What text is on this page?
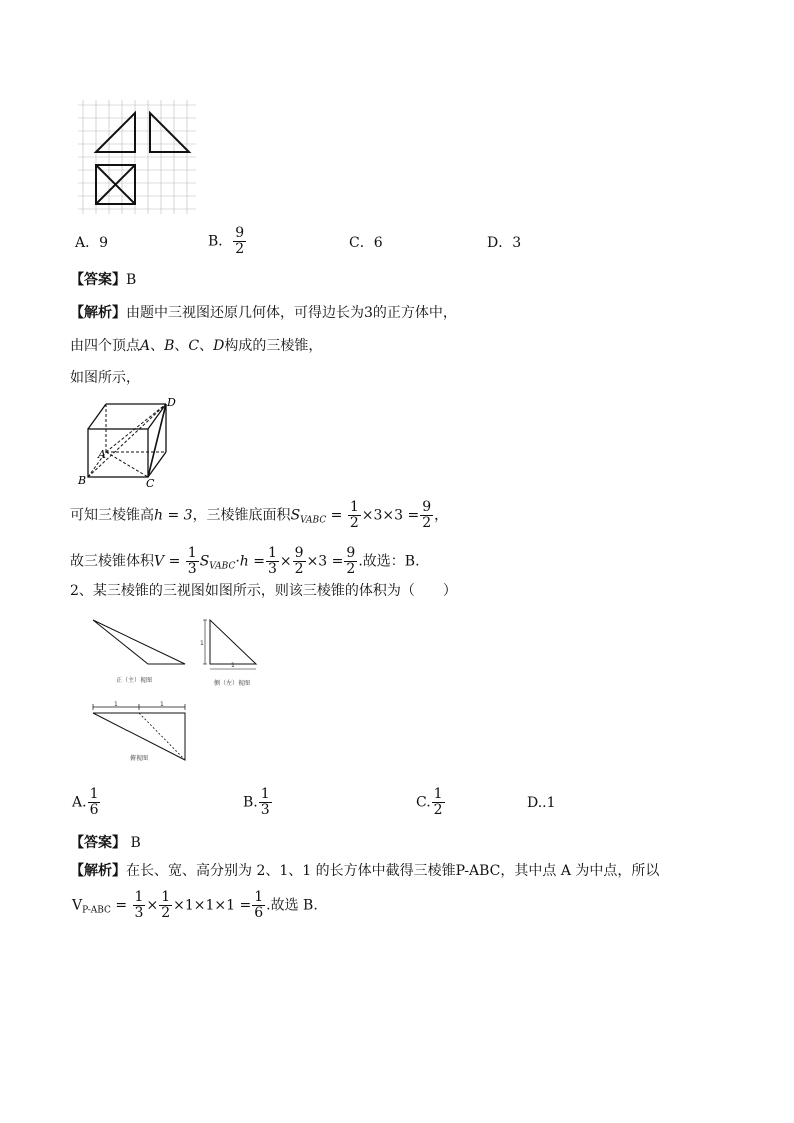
A．9	B． $\frac{9}{2}$	C．6	D．3
【答案】B
【解析】由题中三视图还原几何体，可得边长为3的正方体中，
由四个顶点A、B、C、D构成的三棱锥，
如图所示，
D
A
B	C
可知三棱锥高h = 3，三棱锥底面积$S_{VABC} = \frac{1}{2} \times 3\times 3 = \frac{9}{2}$ ，
故三棱锥体积$V = \frac{1}{3} S_{VABC}\cdot h = \frac{1}{3} \times \frac{9}{2} \times 3 = \frac{9}{2}$ .故选：B.
2、某三棱锥的三视图如图所示，则该三棱锥的体积为（　　）
正（主）视图
1
1
侧（左）视图
1	1
俯视图
A. $\frac{1}{6}$	B. $\frac{1}{3}$	C. $\frac{1}{2}$	D..1
【答案】 B
【解析】在长、宽、高分别为 2、1、1 的长方体中截得三棱锥P-ABC，其中点 A 为中点，所以
$V_{P-ABC} = \frac{1}{3} \times \frac{1}{2} \times 1\times 1\times 1 = \frac{1}{6}$ .故选 B.
